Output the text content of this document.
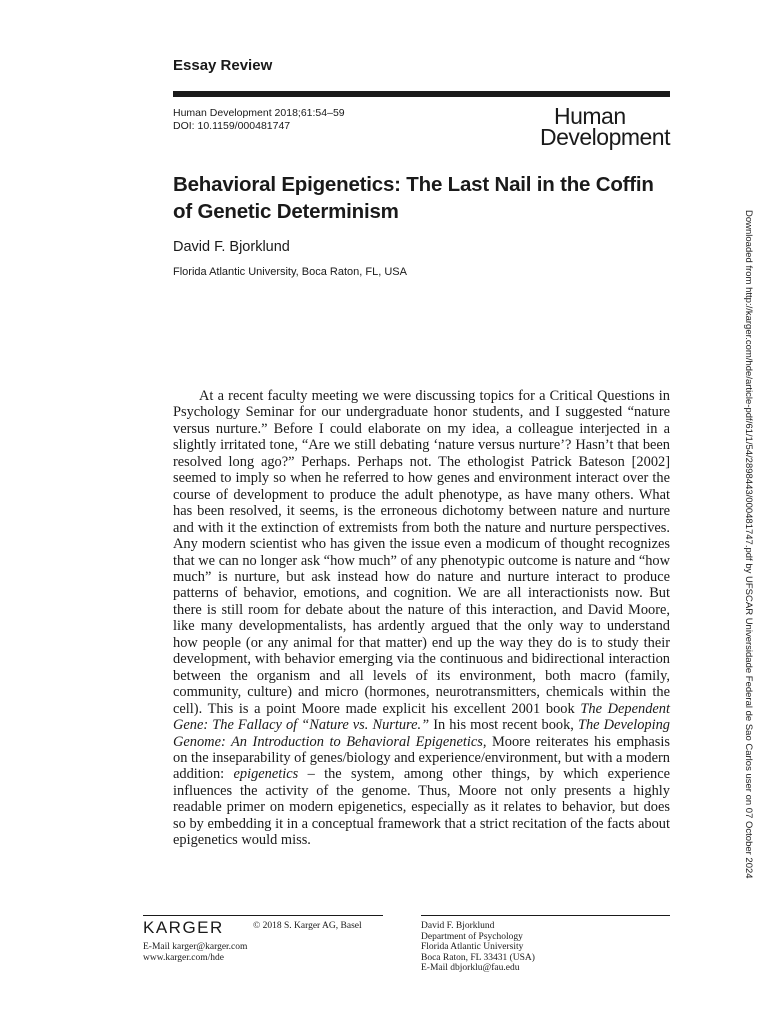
Essay Review
Human Development 2018;61:54–59
DOI: 10.1159/000481747	Human
Development
Behavioral Epigenetics: The Last Nail in the Coffin of Genetic Determinism
David F. Bjorklund
Florida Atlantic University, Boca Raton, FL, USA

At a recent faculty meeting we were discussing topics for a Critical Questions in Psychology Seminar for our undergraduate honor students, and I suggested “nature versus nurture.” Before I could elaborate on my idea, a colleague interjected in a slightly irritated tone, “Are we still debating ‘nature versus nurture’? Hasn’t that been resolved long ago?” Perhaps. Perhaps not. The ethologist Patrick Bateson [2002] seemed to imply so when he referred to how genes and environment interact over the course of development to produce the adult phenotype, as have many others. What has been resolved, it seems, is the erroneous dichotomy between nature and nurture and with it the extinction of extremists from both the nature and nurture perspectives. Any modern scientist who has given the issue even a modicum of thought recognizes that we can no longer ask “how much” of any phenotypic outcome is nature and “how much” is nurture, but ask instead how do nature and nurture interact to produce patterns of behavior, emotions, and cognition. We are all interactionists now. But there is still room for debate about the nature of this interaction, and David Moore, like many developmentalists, has ardently argued that the only way to understand how people (or any animal for that matter) end up the way they do is to study their development, with behavior emerging via the continuous and bidirectional interaction between the organism and all levels of its environment, both macro (family, community, culture) and micro (hormones, neurotransmitters, chemicals within the cell). This is a point Moore made explicit his excellent 2001 book The Dependent Gene: The Fallacy of “Nature vs. Nurture.” In his most recent book, The Developing Genome: An Introduction to Behavioral Epigenetics, Moore reiterates his emphasis on the inseparability of genes/biology and experience/environment, but with a modern addition: epigenetics – the system, among other things, by which experience influences the activity of the genome. Thus, Moore not only presents a highly readable primer on modern epigenetics, especially as it relates to behavior, but does so by embedding it in a conceptual framework that a strict recitation of the facts about epigenetics would miss.	Downloaded from http://karger.com/hde/article-pdf/61/1/54/2898443/000481747.pdf by UFSCAR Universidade Federal de Sao Carlos user on 07 October 2024
KARGER	© 2018 S. Karger AG, Basel
E-Mail karger@karger.com
www.karger.com/hde
David F. Bjorklund
Department of Psychology
Florida Atlantic University
Boca Raton, FL 33431 (USA)
E-Mail dbjorklu@fau.edu
